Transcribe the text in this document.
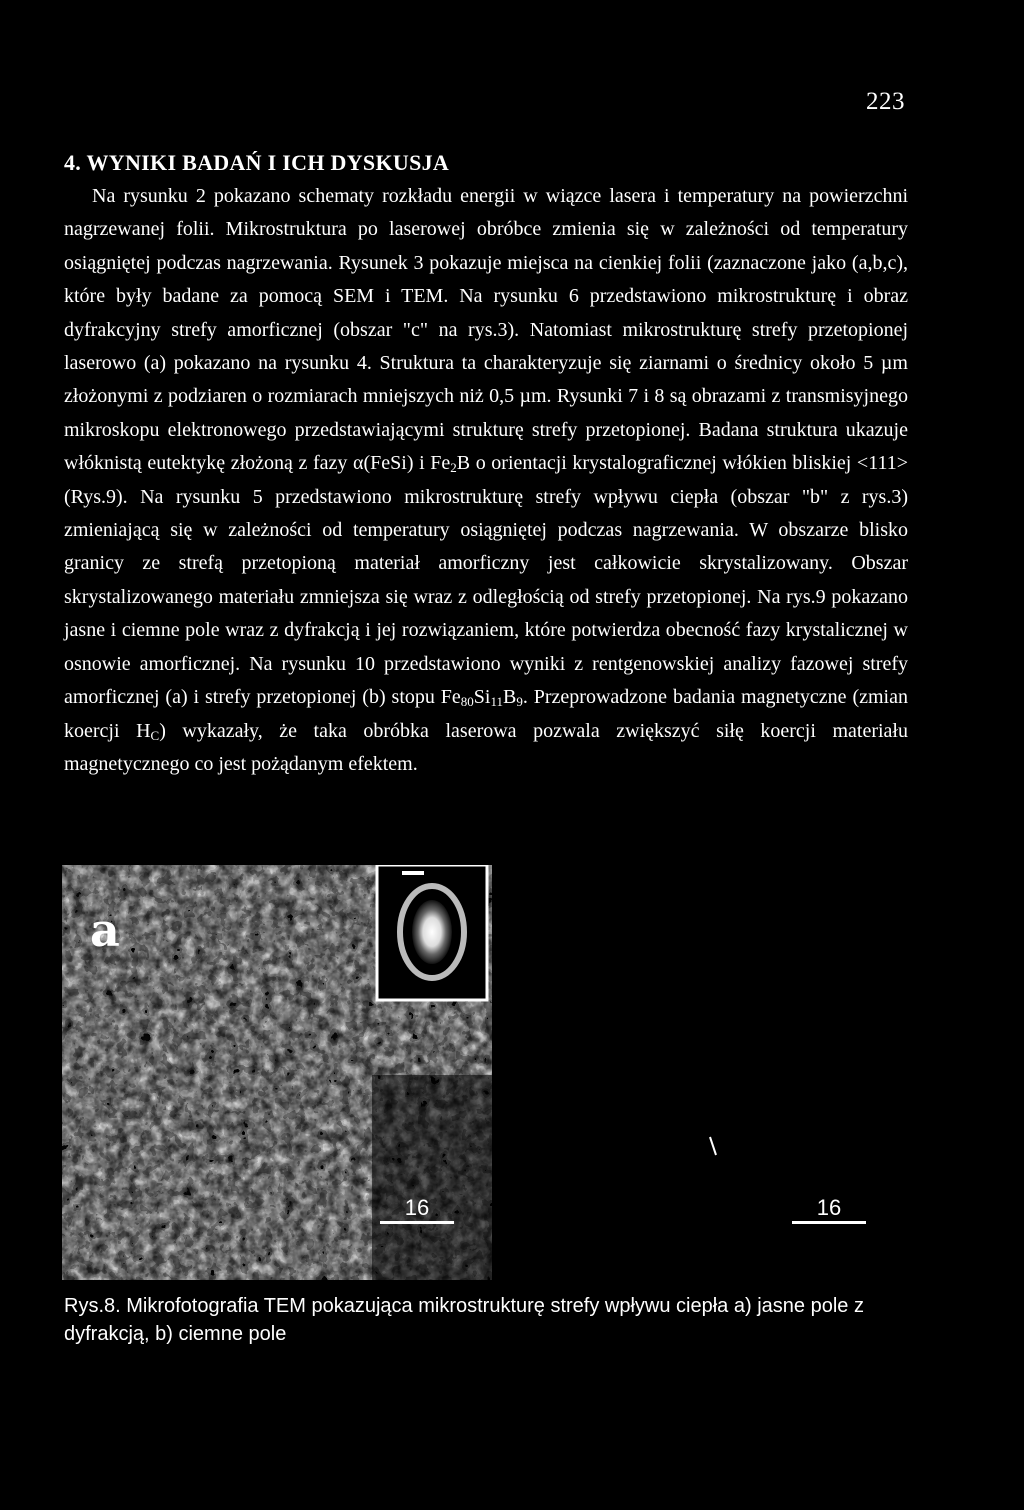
223
4. WYNIKI BADAŃ I ICH DYSKUSJA

Na rysunku 2 pokazano schematy rozkładu energii w wiązce lasera i temperatury na powierzchni nagrzewanej folii. Mikrostruktura po laserowej obróbce zmienia się w zależności od temperatury osiągniętej podczas nagrzewania. Rysunek 3 pokazuje miejsca na cienkiej folii (zaznaczone jako (a,b,c), które były badane za pomocą SEM i TEM. Na rysunku 6 przedstawiono mikrostrukturę i obraz dyfrakcyjny strefy amorficznej (obszar "c" na rys.3). Natomiast mikrostrukturę strefy przetopionej laserowo (a) pokazano na rysunku 4. Struktura ta charakteryzuje się ziarnami o średnicy około 5 µm złożonymi z podziaren o rozmiarach mniejszych niż 0,5 µm. Rysunki 7 i 8 są obrazami z transmisyjnego mikroskopu elektronowego przedstawiającymi strukturę strefy przetopionej. Badana struktura ukazuje włóknistą eutektykę złożoną z fazy α(FeSi) i $Fe_2B$ o orientacji krystalograficznej włókien bliskiej <111> (Rys.9). Na rysunku 5 przedstawiono mikrostrukturę strefy wpływu ciepła (obszar "b" z rys.3) zmieniającą się w zależności od temperatury osiągniętej podczas nagrzewania. W obszarze blisko granicy ze strefą przetopioną materiał amorficzny jest całkowicie skrystalizowany. Obszar skrystalizowanego materiału zmniejsza się wraz z odległością od strefy przetopionej. Na rys.9 pokazano jasne i ciemne pole wraz z dyfrakcją i jej rozwiązaniem, które potwierdza obecność fazy krystalicznej w osnowie amorficznej. Na rysunku 10 przedstawiono wyniki z rentgenowskiej analizy fazowej strefy amorficznej (a) i strefy przetopionej (b) stopu $Fe_{80}Si_{11}B_9$. Przeprowadzone badania magnetyczne (zmian koercji $H_C$) wykazały, że taka obróbka laserowa pozwala zwiększyć siłę koercji materiału magnetycznego co jest pożądanym efektem.

a
16	16
Rys.8. Mikrofotografia TEM pokazująca mikrostrukturę strefy wpływu ciepła a) jasne pole z dyfrakcją, b) ciemne pole
